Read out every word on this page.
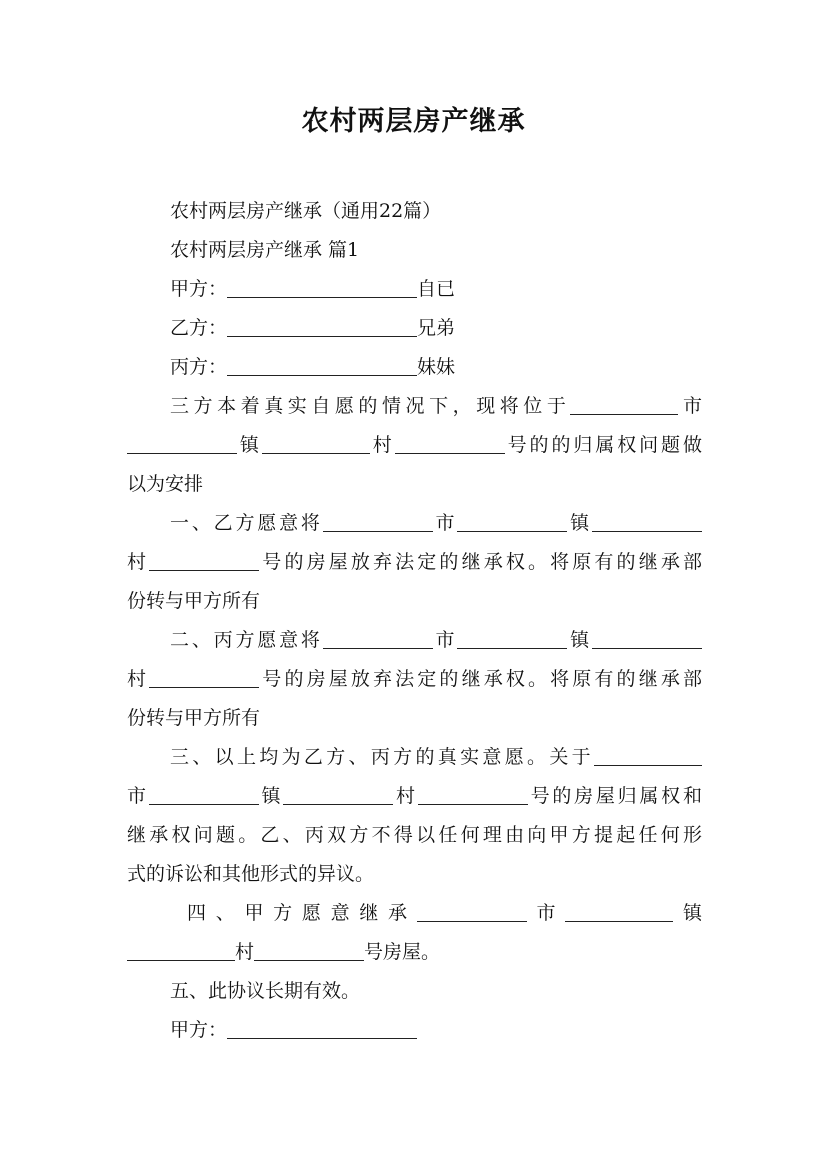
农村两层房产继承
农村两层房产继承（通用22篇）
农村两层房产继承 篇1
甲方：	自已
乙方：	兄弟
丙方：	妹妹
三方本着真实自愿的情况下，现将位于	市
镇	村	号的的归属权问题做
以为安排
一、乙方愿意将	市	镇
村	号的房屋放弃法定的继承权。将原有的继承部
份转与甲方所有
二、丙方愿意将	市	镇
村	号的房屋放弃法定的继承权。将原有的继承部
份转与甲方所有
三、以上均为乙方、丙方的真实意愿。关于
市	镇	村	号的房屋归属权和
继承权问题。乙、丙双方不得以任何理由向甲方提起任何形
式的诉讼和其他形式的异议。
四、甲方愿意继承	市	镇
村	号房屋。
五、此协议长期有效。
甲方：
